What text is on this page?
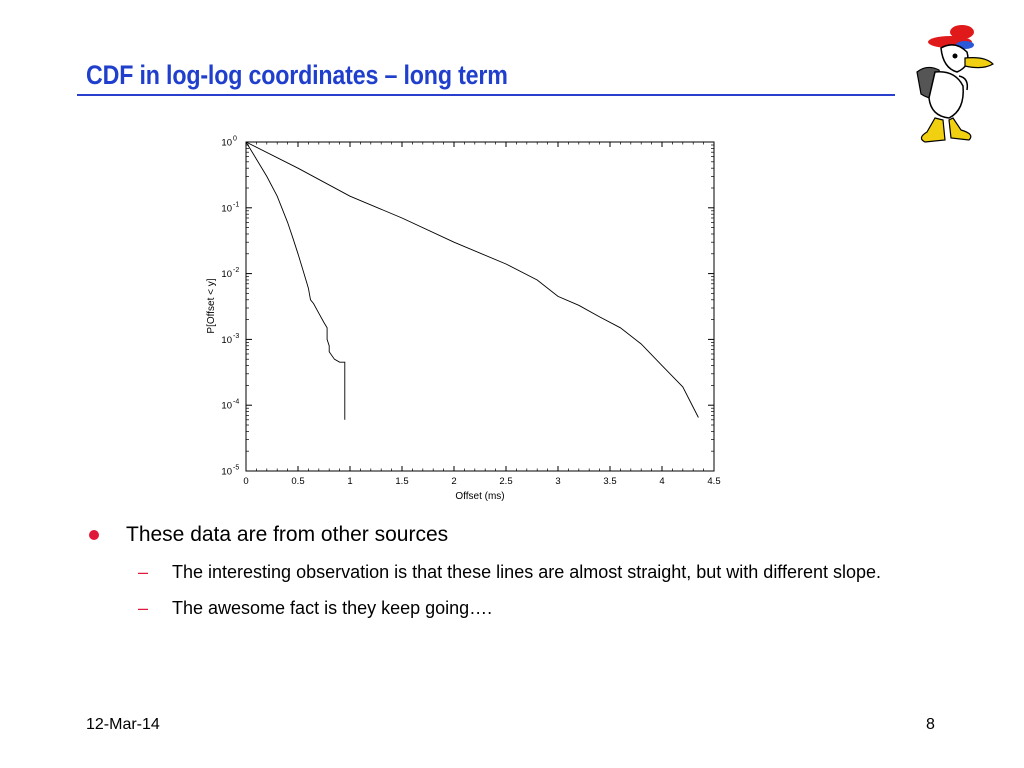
CDF in log-log coordinates – long term
0	0.5	1	1.5	2	2.5	3	3.5	4	4.5
10 0
10 -1
10 -2
10 -3
10 -4
10 -5
Offset (ms)
P[Offset < y]
These data are from other sources
– The interesting observation is that these lines are almost straight, but with different slope.
– The awesome fact is they keep going….
12-Mar-14	8
